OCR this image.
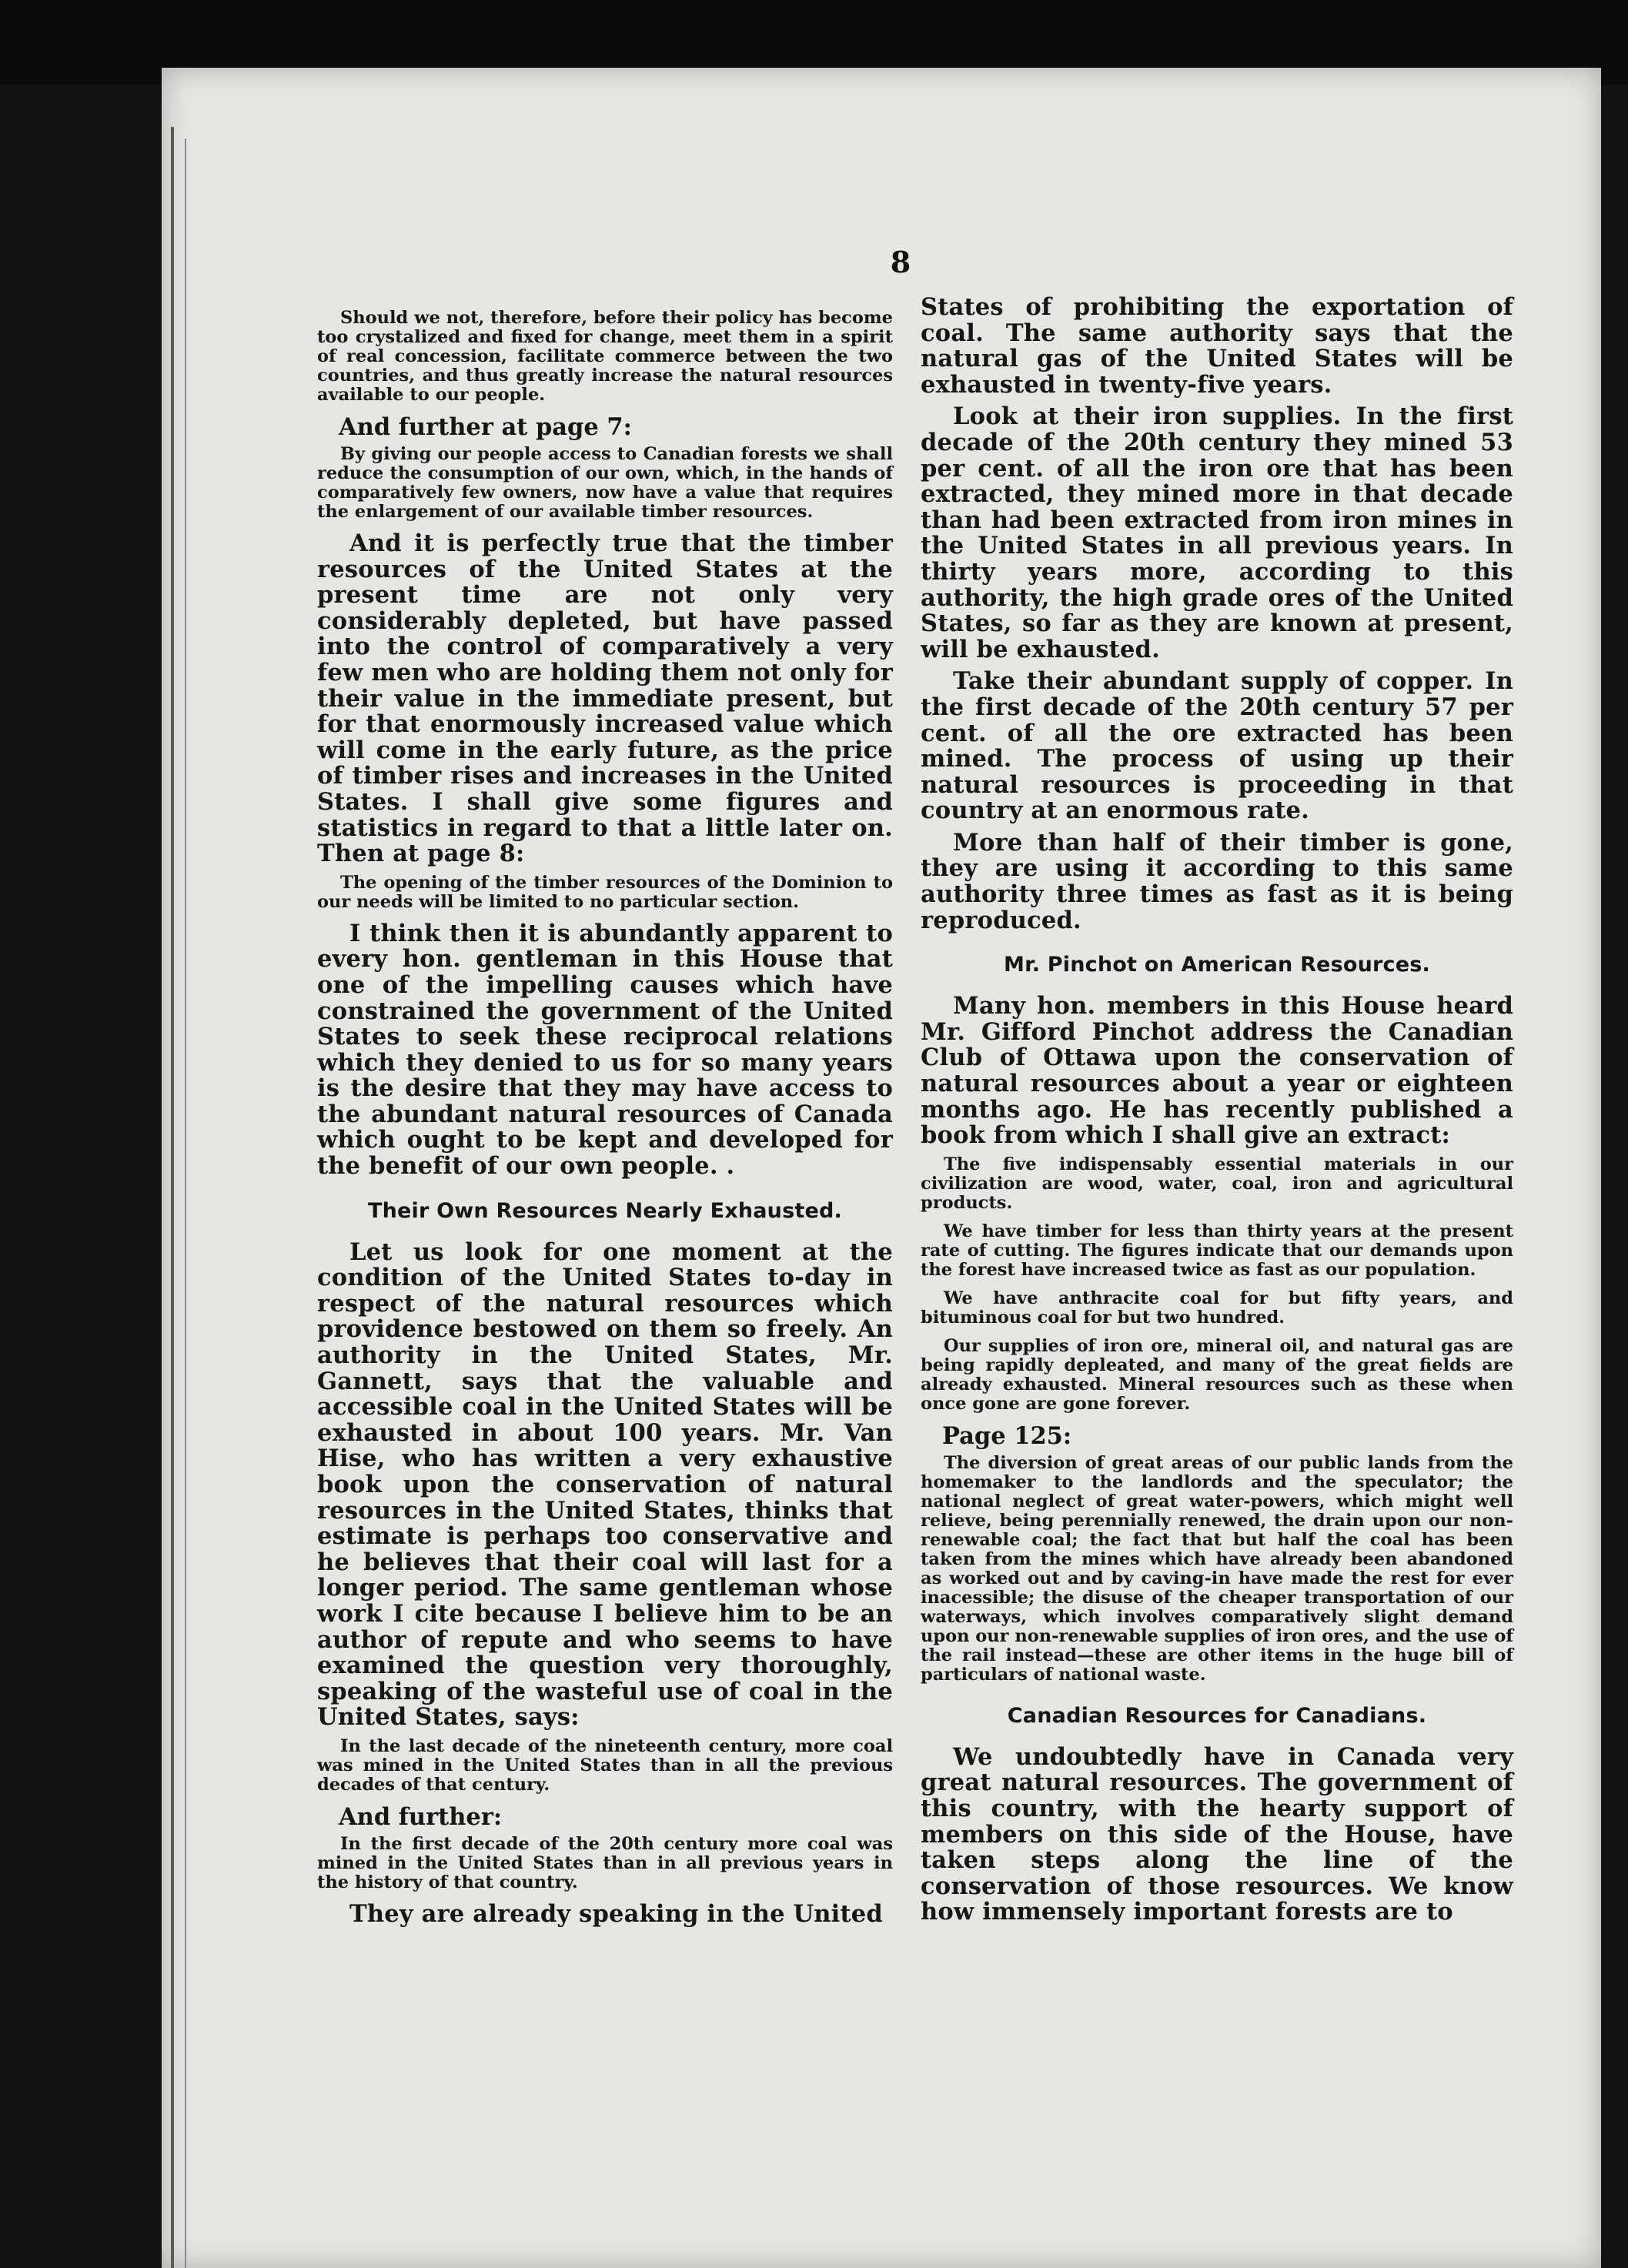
8

Should we not, therefore, before their policy has become too crystalized and fixed for change, meet them in a spirit of real concession, facilitate commerce between the two countries, and thus greatly increase the natural resources available to our people.

And further at page 7:

By giving our people access to Canadian forests we shall reduce the consumption of our own, which, in the hands of comparatively few owners, now have a value that requires the enlargement of our available timber resources.

And it is perfectly true that the timber resources of the United States at the present time are not only very considerably depleted, but have passed into the control of comparatively a very few men who are holding them not only for their value in the immediate present, but for that enormously increased value which will come in the early future, as the price of timber rises and increases in the United States. I shall give some figures and statistics in regard to that a little later on. Then at page 8:

The opening of the timber resources of the Dominion to our needs will be limited to no particular section.

I think then it is abundantly apparent to every hon. gentleman in this House that one of the impelling causes which have constrained the government of the United States to seek these reciprocal relations which they denied to us for so many years is the desire that they may have access to the abundant natural resources of Canada which ought to be kept and developed for the benefit of our own people. .

Their Own Resources Nearly Exhausted.

Let us look for one moment at the condition of the United States to-day in respect of the natural resources which providence bestowed on them so freely. An authority in the United States, Mr. Gannett, says that the valuable and accessible coal in the United States will be exhausted in about 100 years. Mr. Van Hise, who has written a very exhaustive book upon the conservation of natural resources in the United States, thinks that estimate is perhaps too conservative and he believes that their coal will last for a longer period. The same gentleman whose work I cite because I believe him to be an author of repute and who seems to have examined the question very thoroughly, speaking of the wasteful use of coal in the United States, says:

In the last decade of the nineteenth century, more coal was mined in the United States than in all the previous decades of that century.

And further:

In the first decade of the 20th century more coal was mined in the United States than in all previous years in the history of that country.

They are already speaking in the United

States of prohibiting the exportation of coal. The same authority says that the natural gas of the United States will be exhausted in twenty-five years.

Look at their iron supplies. In the first decade of the 20th century they mined 53 per cent. of all the iron ore that has been extracted, they mined more in that decade than had been extracted from iron mines in the United States in all previous years. In thirty years more, according to this authority, the high grade ores of the United States, so far as they are known at present, will be exhausted.

Take their abundant supply of copper. In the first decade of the 20th century 57 per cent. of all the ore extracted has been mined. The process of using up their natural resources is proceeding in that country at an enormous rate.

More than half of their timber is gone, they are using it according to this same authority three times as fast as it is being reproduced.

Mr. Pinchot on American Resources.

Many hon. members in this House heard Mr. Gifford Pinchot address the Canadian Club of Ottawa upon the conservation of natural resources about a year or eighteen months ago. He has recently published a book from which I shall give an extract:

The five indispensably essential materials in our civilization are wood, water, coal, iron and agricultural products.

We have timber for less than thirty years at the present rate of cutting. The figures indicate that our demands upon the forest have increased twice as fast as our population.

We have anthracite coal for but fifty years, and bituminous coal for but two hundred.

Our supplies of iron ore, mineral oil, and natural gas are being rapidly depleated, and many of the great fields are already exhausted. Mineral resources such as these when once gone are gone forever.

Page 125:

The diversion of great areas of our public lands from the homemaker to the landlords and the speculator; the national neglect of great water-powers, which might well relieve, being perennially renewed, the drain upon our non-renewable coal; the fact that but half the coal has been taken from the mines which have already been abandoned as worked out and by caving-in have made the rest for ever inacessible; the disuse of the cheaper transportation of our waterways, which involves comparatively slight demand upon our non-renewable supplies of iron ores, and the use of the rail instead—these are other items in the huge bill of particulars of national waste.

Canadian Resources for Canadians.

We undoubtedly have in Canada very great natural resources. The government of this country, with the hearty support of members on this side of the House, have taken steps along the line of the conservation of those resources. We know how immensely important forests are to
